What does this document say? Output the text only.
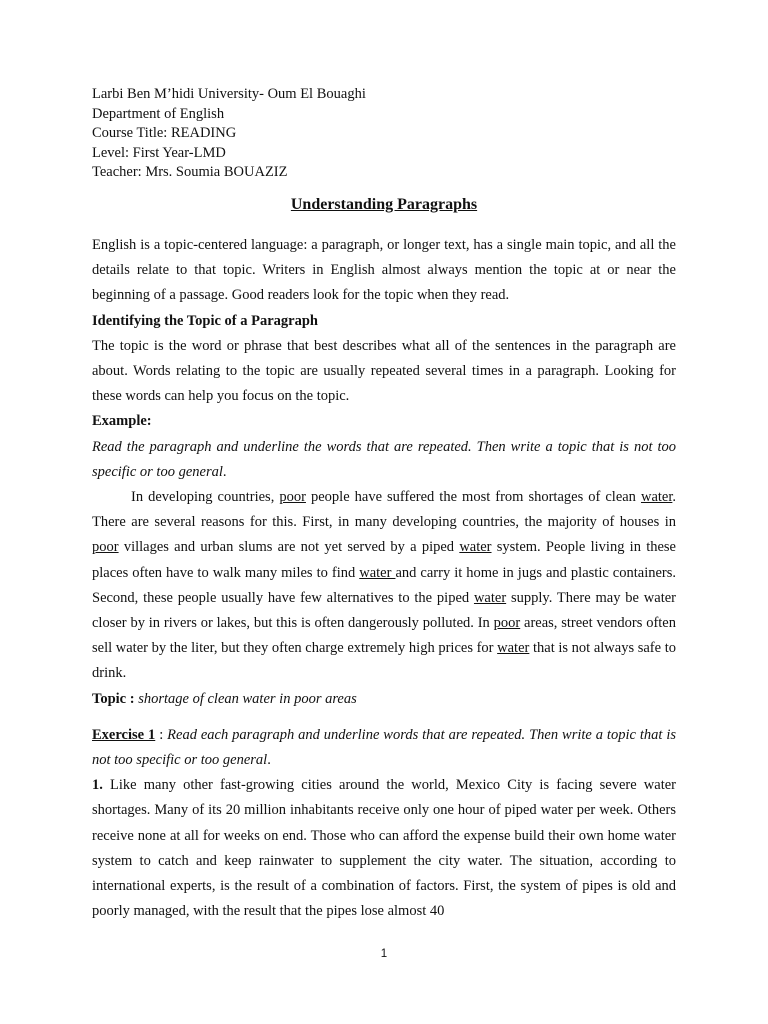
Larbi Ben M’hidi University- Oum El Bouaghi
Department of English
Course Title: READING
Level: First Year-LMD
Teacher: Mrs. Soumia BOUAZIZ
Understanding Paragraphs

English is a topic-centered language: a paragraph, or longer text, has a single main topic, and all the details relate to that topic. Writers in English almost always mention the topic at or near the beginning of a passage. Good readers look for the topic when they read.

Identifying the Topic of a Paragraph

The topic is the word or phrase that best describes what all of the sentences in the paragraph are about. Words relating to the topic are usually repeated several times in a paragraph. Looking for these words can help you focus on the topic.

Example:

Read the paragraph and underline the words that are repeated. Then write a topic that is not too specific or too general.

In developing countries, poor people have suffered the most from shortages of clean water. There are several reasons for this. First, in many developing countries, the majority of houses in poor villages and urban slums are not yet served by a piped water system. People living in these places often have to walk many miles to find water and carry it home in jugs and plastic containers. Second, these people usually have few alternatives to the piped water supply. There may be water closer by in rivers or lakes, but this is often dangerously polluted. In poor areas, street vendors often sell water by the liter, but they often charge extremely high prices for water that is not always safe to drink.

Topic : shortage of clean water in poor areas

Exercise 1 : Read each paragraph and underline words that are repeated. Then write a topic that is not too specific or too general.

1. Like many other fast-growing cities around the world, Mexico City is facing severe water shortages. Many of its 20 million inhabitants receive only one hour of piped water per week. Others receive none at all for weeks on end. Those who can afford the expense build their own home water system to catch and keep rainwater to supplement the city water. The situation, according to international experts, is the result of a combination of factors. First, the system of pipes is old and poorly managed, with the result that the pipes lose almost 40

1
